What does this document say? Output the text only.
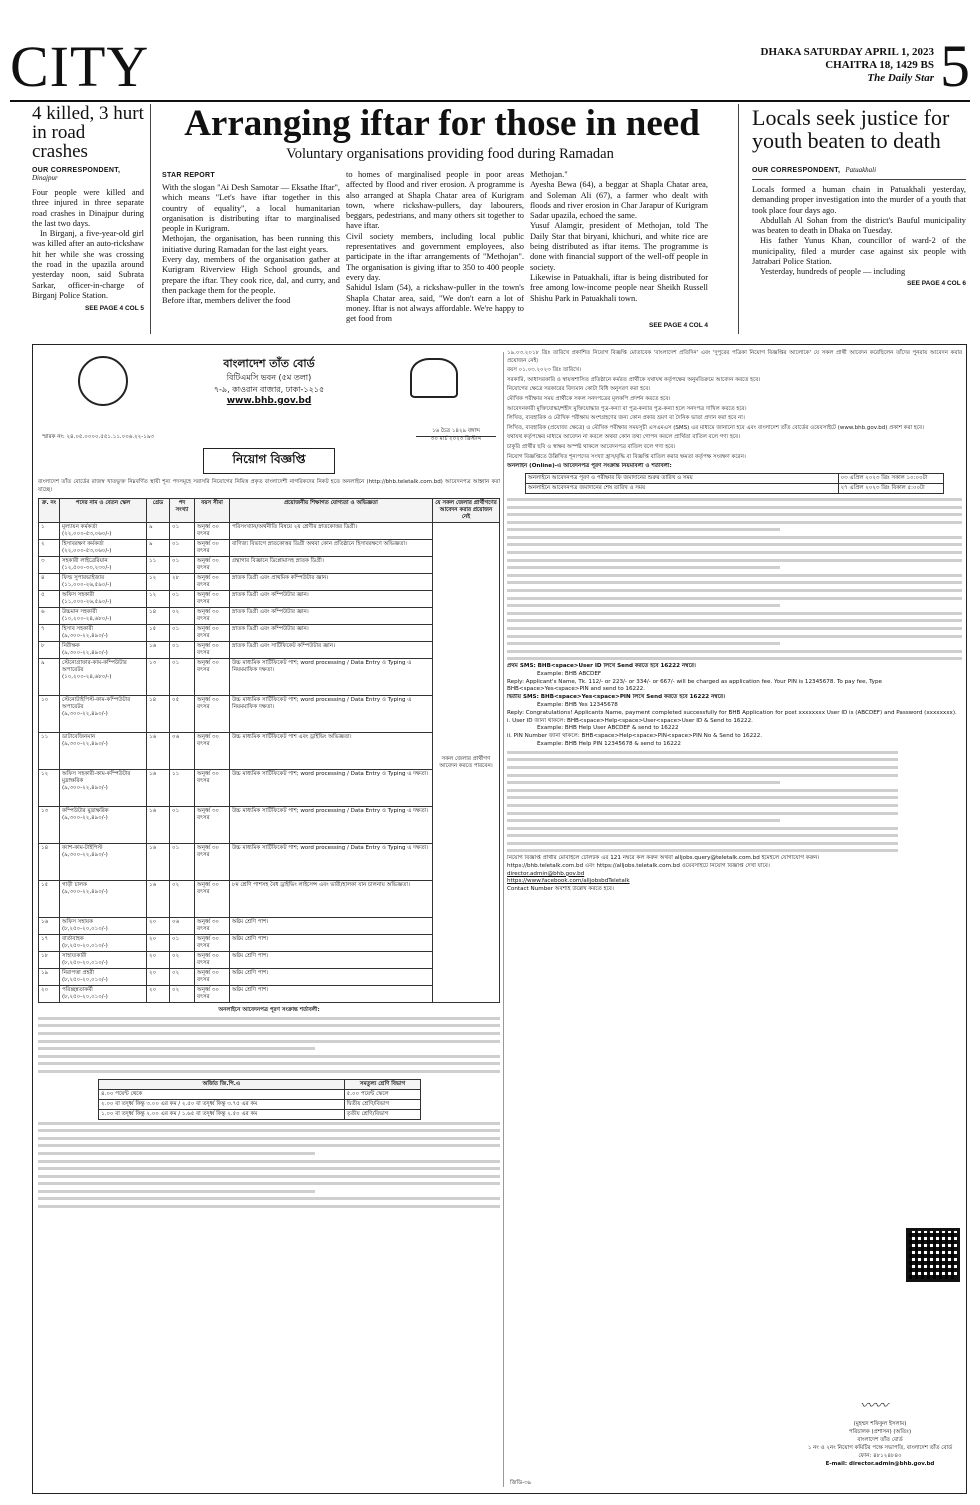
CITY	DHAKA SATURDAY APRIL 1, 2023
CHAITRA 18, 1429 BS
The Daily Star 5
4 killed, 3 hurt in road crashes
OUR CORRESPONDENT,
Dinajpur
Four people were killed and three injured in three separate road crashes in Dinajpur during the last two days.
In Birganj, a five-year-old girl was killed after an auto-rickshaw hit her while she was crossing the road in the upazila around yesterday noon, said Subrata Sarkar, officer-in-charge of Birganj Police Station.
SEE PAGE 4 COL 5
Arranging iftar for those in need
Voluntary organisations providing food during Ramadan
STAR REPORT
With the slogan "Ai Desh Samotar — Eksathe Iftar", which means "Let's have iftar together in this country of equality", a local humanitarian organisation is distributing iftar to marginalised people in Kurigram.
Methojan, the organisation, has been running this initiative during Ramadan for the last eight years.
Every day, members of the organisation gather at Kurigram Riverview High School grounds, and prepare the iftar. They cook rice, dal, and curry, and then package them for the people.
Before iftar, members deliver the food
to homes of marginalised people in poor areas affected by flood and river erosion. A programme is also arranged at Shapla Chatar area of Kurigram town, where rickshaw-pullers, day labourers, beggars, pedestrians, and many others sit together to have iftar.
Civil society members, including local public representatives and government employees, also participate in the iftar arrangements of "Methojan". The organisation is giving iftar to 350 to 400 people every day.
Sahidul Islam (54), a rickshaw-puller in the town's Shapla Chatar area, said, "We don't earn a lot of money. Iftar is not always affordable. We're happy to get food from
Methojan."
Ayesha Bewa (64), a beggar at Shapla Chatar area, and Soleman Ali (67), a farmer who dealt with floods and river erosion in Char Jarapur of Kurigram Sadar upazila, echoed the same.
Yusuf Alamgir, president of Methojan, told The Daily Star that biryani, khichuri, and white rice are being distributed as iftar items. The programme is done with financial support of the well-off people in society.
Likewise in Patuakhali, iftar is being distributed for free among low-income people near Sheikh Russell Shishu Park in Patuakhali town.
SEE PAGE 4 COL 4
Locals seek justice for youth beaten to death
OUR CORRESPONDENT, Patuakhali
Locals formed a human chain in Patuakhali yesterday, demanding proper investigation into the murder of a youth that took place four days ago.
Abdullah Al Sohan from the district's Bauful municipality was beaten to death in Dhaka on Tuesday.
His father Yunus Khan, councillor of ward-2 of the municipality, filed a murder case against six people with Jatrabari Police Station.
Yesterday, hundreds of people — including
SEE PAGE 4 COL 6
বাংলাদেশ তাঁত বোর্ড
বিটিএমসি ভবন (৫ম তলা)
৭-৯, কাওরান বাজার, ঢাকা-১২১৫
www.bhb.gov.bd
স্মারক নং: ২৪.০৫.০০০০.৫৫১.১১.০০৬.২২-১৯৩
১৬ চৈত্র ১৪২৯ বঙ্গাব্দ
৩০ মার্চ ২০২৩ খ্রিস্টাব্দ
নিয়োগ বিজ্ঞপ্তি
বাংলাদেশ তাঁত বোর্ডের রাজস্ব খাতভুক্ত নিম্নবর্ণিত স্থায়ী শূন্য পদসমূহে সরাসরি নিয়োগের নিমিত্ত প্রকৃত বাংলাদেশী নাগরিকদের নিকট হতে অনলাইনে (http://bhb.teletalk.com.bd) আবেদনপত্র আহ্বান করা যাচ্ছে।
ক্র. নং	পদের নাম ও বেতন স্কেল	গ্রেড	পদ সংখ্যা	বয়স সীমা	প্রয়োজনীয় শিক্ষাগত যোগ্যতা ও অভিজ্ঞতা	যে সকল জেলার প্রার্থীগণের আবেদন করার প্রয়োজন নেই
১	মূল্যায়ন কর্মকর্তা
(২২,০০০-৫৩,০৬০/-)	৯	০১	অনূর্ধ্ব ৩০ বৎসর	পরিসংখ্যান/অর্থনীতি বিষয়ে ২য় শ্রেণীর স্নাতকোত্তর ডিগ্রী।	সকল জেলার প্রার্থীগণ আবেদন করতে পারবেন।
২	হিসাবরক্ষণ কর্মকর্তা
(২২,০০০-৫৩,০৬০/-)	৯	০১	অনূর্ধ্ব ৩০ বৎসর	বাণিজ্য বিভাগে স্নাতকোত্তর ডিগ্রী অথবা কোন প্রতিষ্ঠানে হিসাবরক্ষণে অভিজ্ঞতা।	
৩	সহকারী লাইব্রেরিয়ান
(১২,৫০০-৩০,২৩০/-)	১১	০১	অনূর্ধ্ব ৩০ বৎসর	গ্রন্থাগার বিজ্ঞানে ডিপ্লোমাসহ স্নাতক ডিগ্রী।	
৪	ফিল্ড সুপারভাইজার
(১১,০০০-২৬,৫৯০/-)	১২	২৮	অনূর্ধ্ব ৩০ বৎসর	স্নাতক ডিগ্রী এবং প্রাথমিক কম্পিউটার জ্ঞান।	
৫	অফিস সহকারী
(১১,০০০-২৬,৫৯০/-)	১২	০১	অনূর্ধ্ব ৩০ বৎসর	স্নাতক ডিগ্রী এবং কম্পিউটার জ্ঞান।	
৬	উচ্চমান সহকারী
(১০,২০০-২৪,৬৮০/-)	১৪	০২	অনূর্ধ্ব ৩০ বৎসর	স্নাতক ডিগ্রী এবং কম্পিউটার জ্ঞান।	
৭	হিসাব সহকারী
(৯,৩০০-২২,৪৯০/-)	১৫	০১	অনূর্ধ্ব ৩০ বৎসর	স্নাতক ডিগ্রী এবং কম্পিউটার জ্ঞান।	
৮	নিরীক্ষক
(৯,৩০০-২২,৪৯০/-)	১৬	০১	অনূর্ধ্ব ৩০ বৎসর	স্নাতক ডিগ্রী এবং সার্টিফিকেট কম্পিউটার জ্ঞান।	
৯	স্টেনোগ্রাফার-কাম-কম্পিউটার অপারেটর
(১০,২০০-২৪,৬৮০/-)	১৩	০১	অনূর্ধ্ব ৩০ বৎসর	উচ্চ মাধ্যমিক সার্টিফিকেট পাশ; word processing / Data Entry ও Typing এ নিয়মমাফিক দক্ষতা।	
১০	স্টেনোটাইপিস্ট-কাম-কম্পিউটার অপারেটর
(৯,৩০০-২২,৪৯০/-)	১৪	০৫	অনূর্ধ্ব ৩০ বৎসর	উচ্চ মাধ্যমিক সার্টিফিকেট পাশ; word processing / Data Entry ও Typing এ নিয়মমাফিক দক্ষতা।	
১১	ডাটাবেজিনমান
(৯,৩০০-২২,৪৯০/-)	১৬	০৬	অনূর্ধ্ব ৩০ বৎসর	উচ্চ মাধ্যমিক সার্টিফিকেট পাশ এবং ড্রাইভিং অভিজ্ঞতা।	
১২	অফিস সহকারী-কাম-কম্পিউটার মুদ্রাক্ষরিক
(৯,৩০০-২২,৪৯০/-)	১৬	১১	অনূর্ধ্ব ৩০ বৎসর	উচ্চ মাধ্যমিক সার্টিফিকেট পাশ; word processing / Data Entry ও Typing এ দক্ষতা।	
১৩	কম্পিউটার মুদ্রাক্ষরিক
(৯,৩০০-২২,৪৯০/-)	১৬	০১	অনূর্ধ্ব ৩০ বৎসর	উচ্চ মাধ্যমিক সার্টিফিকেট পাশ; word processing / Data Entry ও Typing এ দক্ষতা।	
১৪	ক্যাশ-কাম-টাইপিস্ট
(৯,৩০০-২২,৪৯০/-)	১৬	০১	অনূর্ধ্ব ৩০ বৎসর	উচ্চ মাধ্যমিক সার্টিফিকেট পাশ; word processing / Data Entry ও Typing এ দক্ষতা।	
১৫	গাড়ী চালক
(৯,৩০০-২২,৪৯০/-)	১৬	০২	অনূর্ধ্ব ৩০ বৎসর	৮ম শ্রেণি পাশসহ বৈধ ড্রাইভিং লাইসেন্স এবং ভারী/হালকা যান চালনায় অভিজ্ঞতা।	
১৬	অফিস সহায়ক
(৮,২৫০-২০,০১০/-)	২০	০৬	অনূর্ধ্ব ৩০ বৎসর	অষ্টম শ্রেণি পাশ।	
১৭	বার্তাবাহক
(৮,২৫০-২০,০১০/-)	২০	০১	অনূর্ধ্ব ৩০ বৎসর	অষ্টম শ্রেণি পাশ।	
১৮	সাহায্যকারী
(৮,২৫০-২০,০১০/-)	২০	০২	অনূর্ধ্ব ৩০ বৎসর	অষ্টম শ্রেণি পাশ।	
১৯	নিরাপত্তা প্রহরী
(৮,২৫০-২০,০১০/-)	২০	০২	অনূর্ধ্ব ৩০ বৎসর	অষ্টম শ্রেণি পাশ।	
২০	পরিচ্ছন্নতাকর্মী
(৮,২৫০-২০,০১০/-)	২০	০২	অনূর্ধ্ব ৩০ বৎসর	অষ্টম শ্রেণি পাশ।	
অনলাইনে আবেদনপত্র পূরণ সংক্রান্ত শর্তাবলী:
অর্জিত জি.পি.এ	সমতুল্য শ্রেণি বিভাগ
৪.০০ পয়েন্ট থেকে	৫.০০ পয়েন্ট স্কেলে
২.০০ বা তদূর্ধ্ব কিন্তু ৩.০০ এর কম / ২.৫০ বা তদূর্ধ্ব কিন্তু ৩.৭৫ এর কম	দ্বিতীয় শ্রেণি/বিভাগ
১.০০ বা তদূর্ধ্ব কিন্তু ২.০০ এর কম / ১.৬৫ বা তদূর্ধ্ব কিন্তু ২.৫০ এর কম	তৃতীয় শ্রেণি/বিভাগ
১৯.০৩.২০১৮ খ্রিঃ তারিখে প্রকাশিত নিয়োগ বিজ্ঞপ্তি মোতাবেক 'বাংলাদেশ প্রতিদিন' এবং 'দুপুরের পত্রিকা নিয়োগ বিজ্ঞপ্তির আলোকে' যে সকল প্রার্থী আবেদন করেছিলেন তাঁদের পুনরায় আবেদন করার প্রয়োজন নেই।
বয়স ০১.০৩.২০২৩ খ্রিঃ তারিখে।
সরকারি, আধাসরকারি ও স্বায়ত্তশাসিত প্রতিষ্ঠানে কর্মরত প্রার্থীকে যথাযথ কর্তৃপক্ষের অনুমতিক্রমে আবেদন করতে হবে।
নিয়োগের ক্ষেত্রে সরকারের বিদ্যমান কোটা বিধি অনুসরণ করা হবে।
মৌখিক পরীক্ষার সময় প্রার্থীকে সকল সনদপত্রের মূলকপি প্রদর্শন করতে হবে।
আবেদনকারী মুক্তিযোদ্ধা/শহীদ মুক্তিযোদ্ধার পুত্র-কন্যা বা পুত্র-কন্যার পুত্র-কন্যা হলে সনদপত্র দাখিল করতে হবে।
লিখিত, ব্যবহারিক ও মৌখিক পরীক্ষায় অংশগ্রহণের জন্য কোন প্রকার ভ্রমণ বা দৈনিক ভাতা প্রদান করা হবে না।
লিখিত, ব্যবহারিক (প্রযোজ্য ক্ষেত্রে) ও মৌখিক পরীক্ষার সময়সূচী এসএমএস (SMS) এর মাধ্যমে জানানো হবে এবং বাংলাদেশ তাঁত বোর্ডের ওয়েবসাইটে (www.bhb.gov.bd) প্রকাশ করা হবে।
যথাযথ কর্তৃপক্ষের মাধ্যমে আবেদন না করলে অথবা কোন তথ্য গোপন করলে প্রার্থিতা বাতিল বলে গণ্য হবে।
চাকুরি প্রার্থীর ছবি ও স্বাক্ষর অস্পষ্ট থাকলে আবেদনপত্র বাতিল বলে গণ্য হবে।
নিয়োগ বিজ্ঞপ্তিতে উল্লিখিত শূন্যপদের সংখ্যা হ্রাস/বৃদ্ধি বা বিজ্ঞপ্তি বাতিল করার ক্ষমতা কর্তৃপক্ষ সংরক্ষণ করেন।
অনলাইন (Online)-এ আবেদনপত্র পূরণ সংক্রান্ত নিয়মাবলী ও শর্তাবলী:
অনলাইনে আবেদনপত্র পূরণ ও পরীক্ষার ফি জমাদানের শুরুর তারিখ ও সময়	০৩ এপ্রিল ২০২৩ খ্রিঃ সকাল ১০:০০টা
অনলাইনে আবেদনপত্র জমাদানের শেষ তারিখ ও সময়	২৭ এপ্রিল ২০২৩ খ্রিঃ বিকাল ৫:০০টা
প্রথম SMS: BHB<space>User ID লিখে Send করতে হবে 16222 নম্বরে।
Example: BHB ABCDEF
Reply: Applicant's Name, Tk. 112/- or 223/- or 334/- or 667/- will be charged as application fee. Your PIN is 12345678. To pay fee, Type BHB<space>Yes<space>PIN and send to 16222.
দ্বিতীয় SMS: BHB<space>Yes<space>PIN লিখে Send করতে হবে 16222 নম্বরে।
Example: BHB Yes 12345678
Reply: Congratulations! Applicants Name, payment completed successfully for BHB Application for post xxxxxxxx User ID is (ABCDEF) and Password (xxxxxxxx).
i. User ID জানা থাকলে: BHB<space>Help<space>User<space>User ID & Send to 16222.
Example: BHB Help User ABCDEF & send to 16222
ii. PIN Number জানা থাকলে: BHB<space>Help<space>PIN<space>PIN No & Send to 16222.
Example: BHB Help PIN 12345678 & send to 16222
নিয়োগ বিজ্ঞপ্তি প্রার্থীর মোবাইলে টেলিটক এর 121 নম্বরে কল করুন অথবা alljobs.query@teletalk.com.bd ইমেইলে যোগাযোগ করুন।
https://bhb.teletalk.com.bd এবং https://alljobs.teletalk.com.bd ওয়েবসাইটে নিয়োগ বিজ্ঞপ্তি দেখা যাবে।
director.admin@bhb.gov.bd
https://www.facebook.com/alljobsbdTeletalk
Contact Number অবশ্যই উল্লেখ করতে হবে।
〰〰
(মুহম্মদ শফিকুল ইসলাম)
পরিচালক (প্রশাসন) (অতিঃ)
বাংলাদেশ তাঁত বোর্ড
১ নং ও ২নং নিয়োগ কমিটির পক্ষে সভাপতি, বাংলাদেশ তাঁত বোর্ড
ফোন: ৪৮১২৪৮৪০
E-mail: director.admin@bhb.gov.bd
জিডি-৩৯
